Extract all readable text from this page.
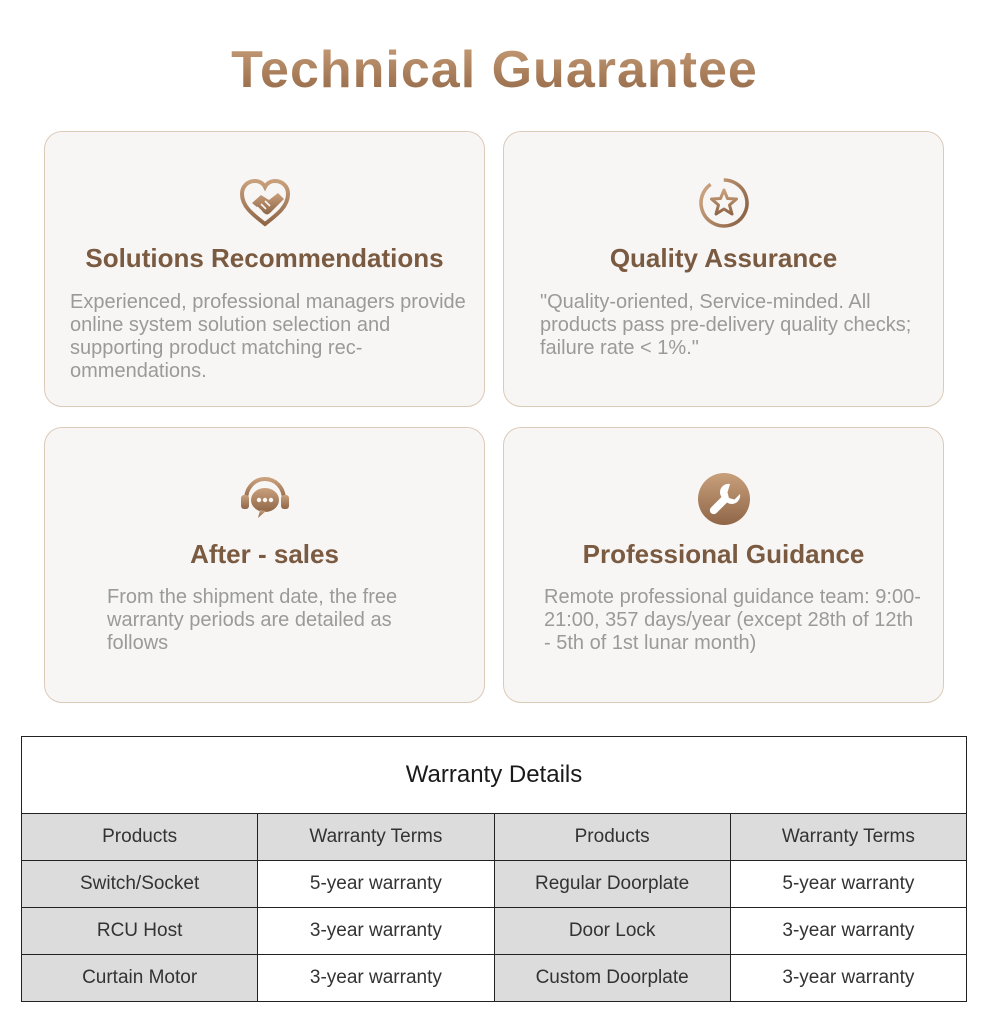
Technical Guarantee
Solutions Recommendations

Experienced, professional managers provide online system solution selection and supporting product matching rec-ommendations.

Quality Assurance

"Quality-oriented, Service-minded. All products pass pre-delivery quality checks; failure rate < 1%."

After - sales

From the shipment date, the free warranty periods are detailed as follows

Professional Guidance

Remote professional guidance team: 9:00-21:00, 357 days/year (except 28th of 12th - 5th of 1st lunar month)

Warranty Details			
Products	Warranty Terms	Products	Warranty Terms
Switch/Socket	5-year warranty	Regular Doorplate	5-year warranty
RCU Host	3-year warranty	Door Lock	3-year warranty
Curtain Motor	3-year warranty	Custom Doorplate	3-year warranty
